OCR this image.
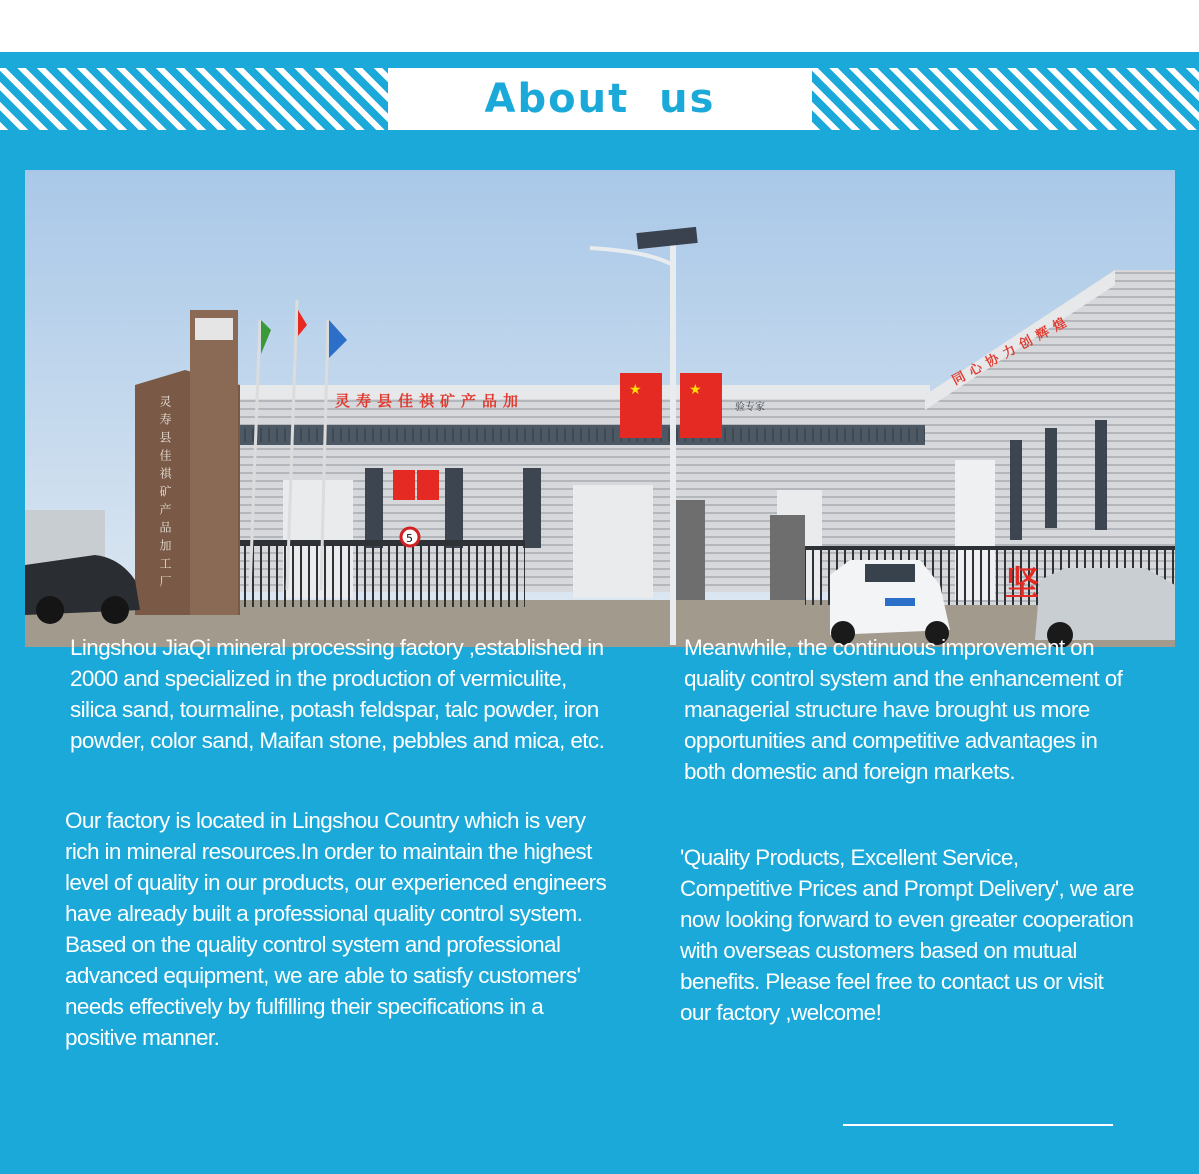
About us
灵寿县佳祺矿产品加	验专家
同心协力创辉煌
灵寿县佳祺矿产品加工厂
★	★
5
坚

Lingshou JiaQi mineral processing factory ,established in 2000 and specialized in the production of vermiculite, silica sand, tourmaline, potash feldspar, talc powder, iron powder, color sand, Maifan stone, pebbles and mica, etc.

Our factory is located in Lingshou Country which is very rich in mineral resources.In order to maintain the highest level of quality in our products, our experienced engineers have already built a professional quality control system. Based on the quality control system and professional advanced equipment, we are able to satisfy customers' needs effectively by fulfilling their specifications in a positive manner.

Meanwhile, the continuous improvement on quality control system and the enhancement of managerial structure have brought us more opportunities and competitive advantages in both domestic and foreign markets.

'Quality Products, Excellent Service, Competitive Prices and Prompt Delivery', we are now looking forward to even greater cooperation with overseas customers based on mutual benefits. Please feel free to contact us or visit our factory ,welcome!
